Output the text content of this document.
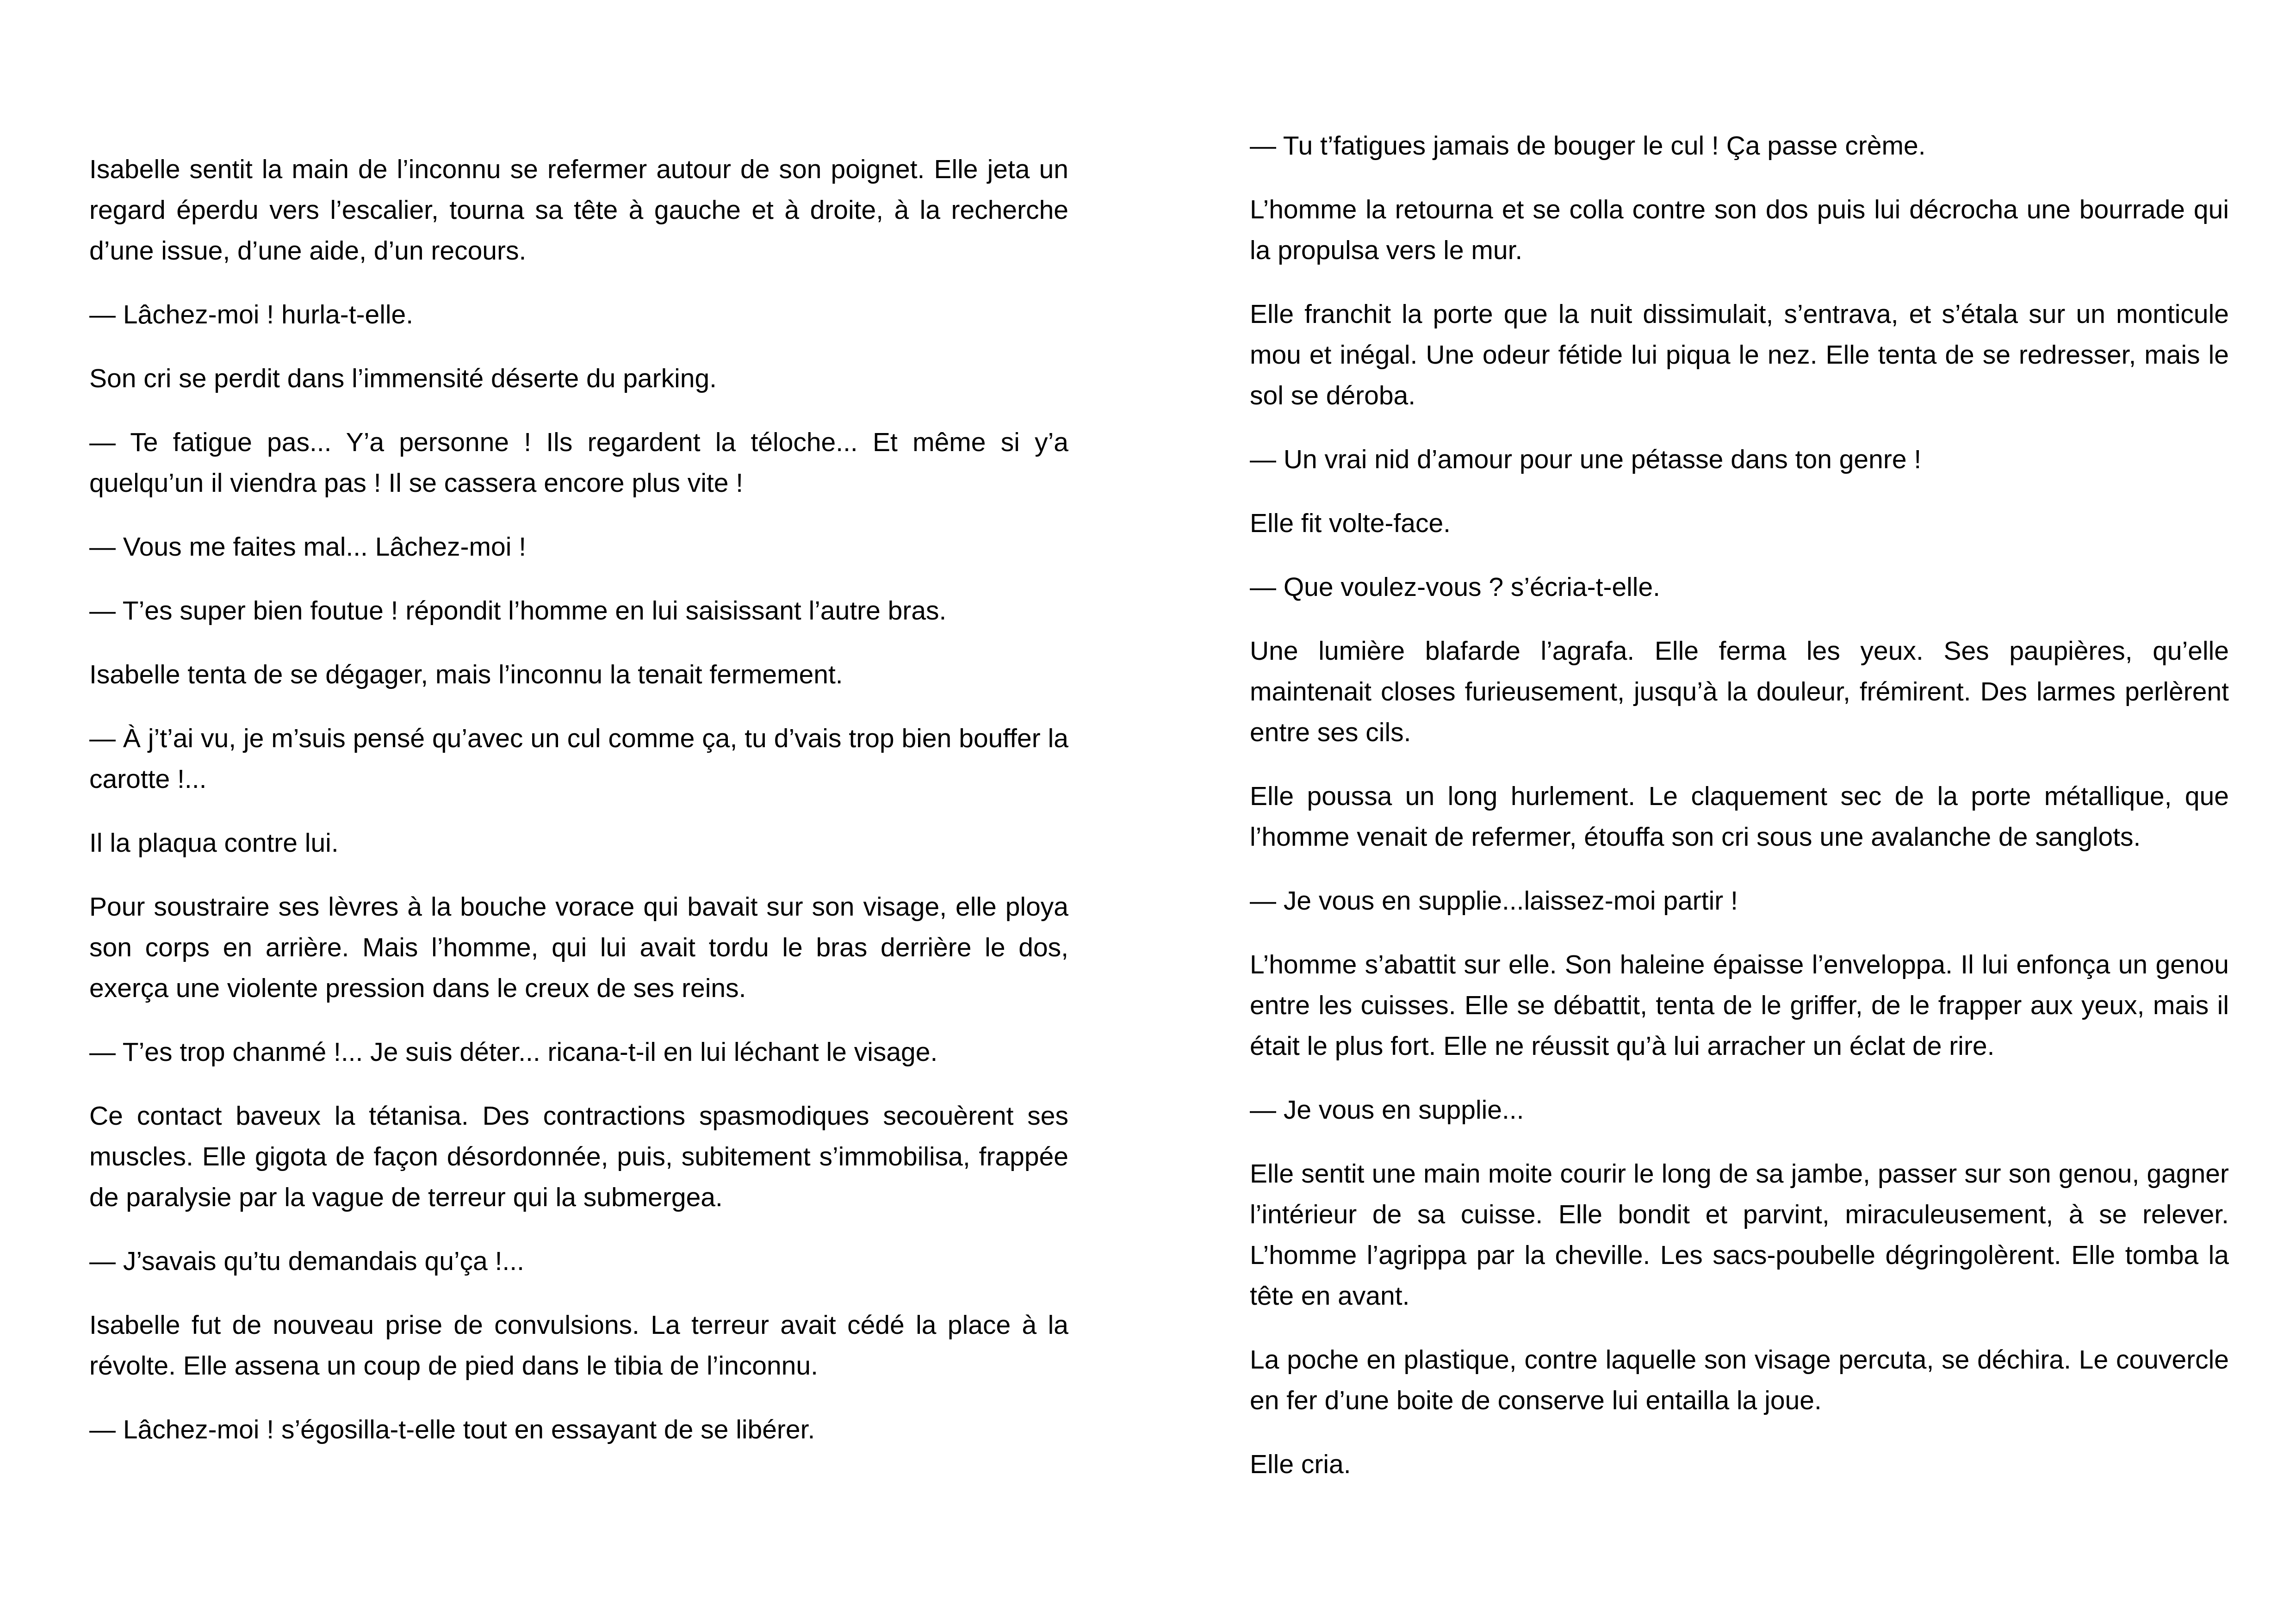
Isabelle sentit la main de l’inconnu se refermer autour de son poignet. Elle jeta un regard éperdu vers l’escalier, tourna sa tête à gauche et à droite, à la recherche d’une issue, d’une aide, d’un recours.

— Lâchez-moi ! hurla-t-elle.

Son cri se perdit dans l’immensité déserte du parking.

— Te fatigue pas... Y’a personne ! Ils regardent la téloche... Et même si y’a quelqu’un il viendra pas ! Il se cassera encore plus vite !

— Vous me faites mal... Lâchez-moi !

— T’es super bien foutue ! répondit l’homme en lui saisissant l’autre bras.

Isabelle tenta de se dégager, mais l’inconnu la tenait fermement.

— À j’t’ai vu, je m’suis pensé qu’avec un cul comme ça, tu d’vais trop bien bouffer la carotte !...

Il la plaqua contre lui.

Pour soustraire ses lèvres à la bouche vorace qui bavait sur son visage, elle ploya son corps en arrière. Mais l’homme, qui lui avait tordu le bras derrière le dos, exerça une violente pression dans le creux de ses reins.

— T’es trop chanmé !... Je suis déter... ricana-t-il en lui léchant le visage.

Ce contact baveux la tétanisa. Des contractions spasmodiques secouèrent ses muscles. Elle gigota de façon désordonnée, puis, subitement s’immobilisa, frappée de paralysie par la vague de terreur qui la submergea.

— J’savais qu’tu demandais qu’ça !...

Isabelle fut de nouveau prise de convulsions. La terreur avait cédé la place à la révolte. Elle assena un coup de pied dans le tibia de l’inconnu.

— Lâchez-moi ! s’égosilla-t-elle tout en essayant de se libérer.

— Tu t’fatigues jamais de bouger le cul ! Ça passe crème.

L’homme la retourna et se colla contre son dos puis lui décrocha une bourrade qui la propulsa vers le mur.

Elle franchit la porte que la nuit dissimulait, s’entrava, et s’étala sur un monticule mou et inégal. Une odeur fétide lui piqua le nez. Elle tenta de se redresser, mais le sol se déroba.

— Un vrai nid d’amour pour une pétasse dans ton genre !

Elle fit volte-face.

— Que voulez-vous ? s’écria-t-elle.

Une lumière blafarde l’agrafa. Elle ferma les yeux. Ses paupières, qu’elle maintenait closes furieusement, jusqu’à la douleur, frémirent. Des larmes perlèrent entre ses cils.

Elle poussa un long hurlement. Le claquement sec de la porte métallique, que l’homme venait de refermer, étouffa son cri sous une avalanche de sanglots.

— Je vous en supplie...laissez-moi partir !

L’homme s’abattit sur elle. Son haleine épaisse l’enveloppa. Il lui enfonça un genou entre les cuisses. Elle se débattit, tenta de le griffer, de le frapper aux yeux, mais il était le plus fort. Elle ne réussit qu’à lui arracher un éclat de rire.

— Je vous en supplie...

Elle sentit une main moite courir le long de sa jambe, passer sur son genou, gagner l’intérieur de sa cuisse. Elle bondit et parvint, miraculeusement, à se relever. L’homme l’agrippa par la cheville. Les sacs-poubelle dégringolèrent. Elle tomba la tête en avant.

La poche en plastique, contre laquelle son visage percuta, se déchira. Le couvercle en fer d’une boite de conserve lui entailla la joue.

Elle cria.
